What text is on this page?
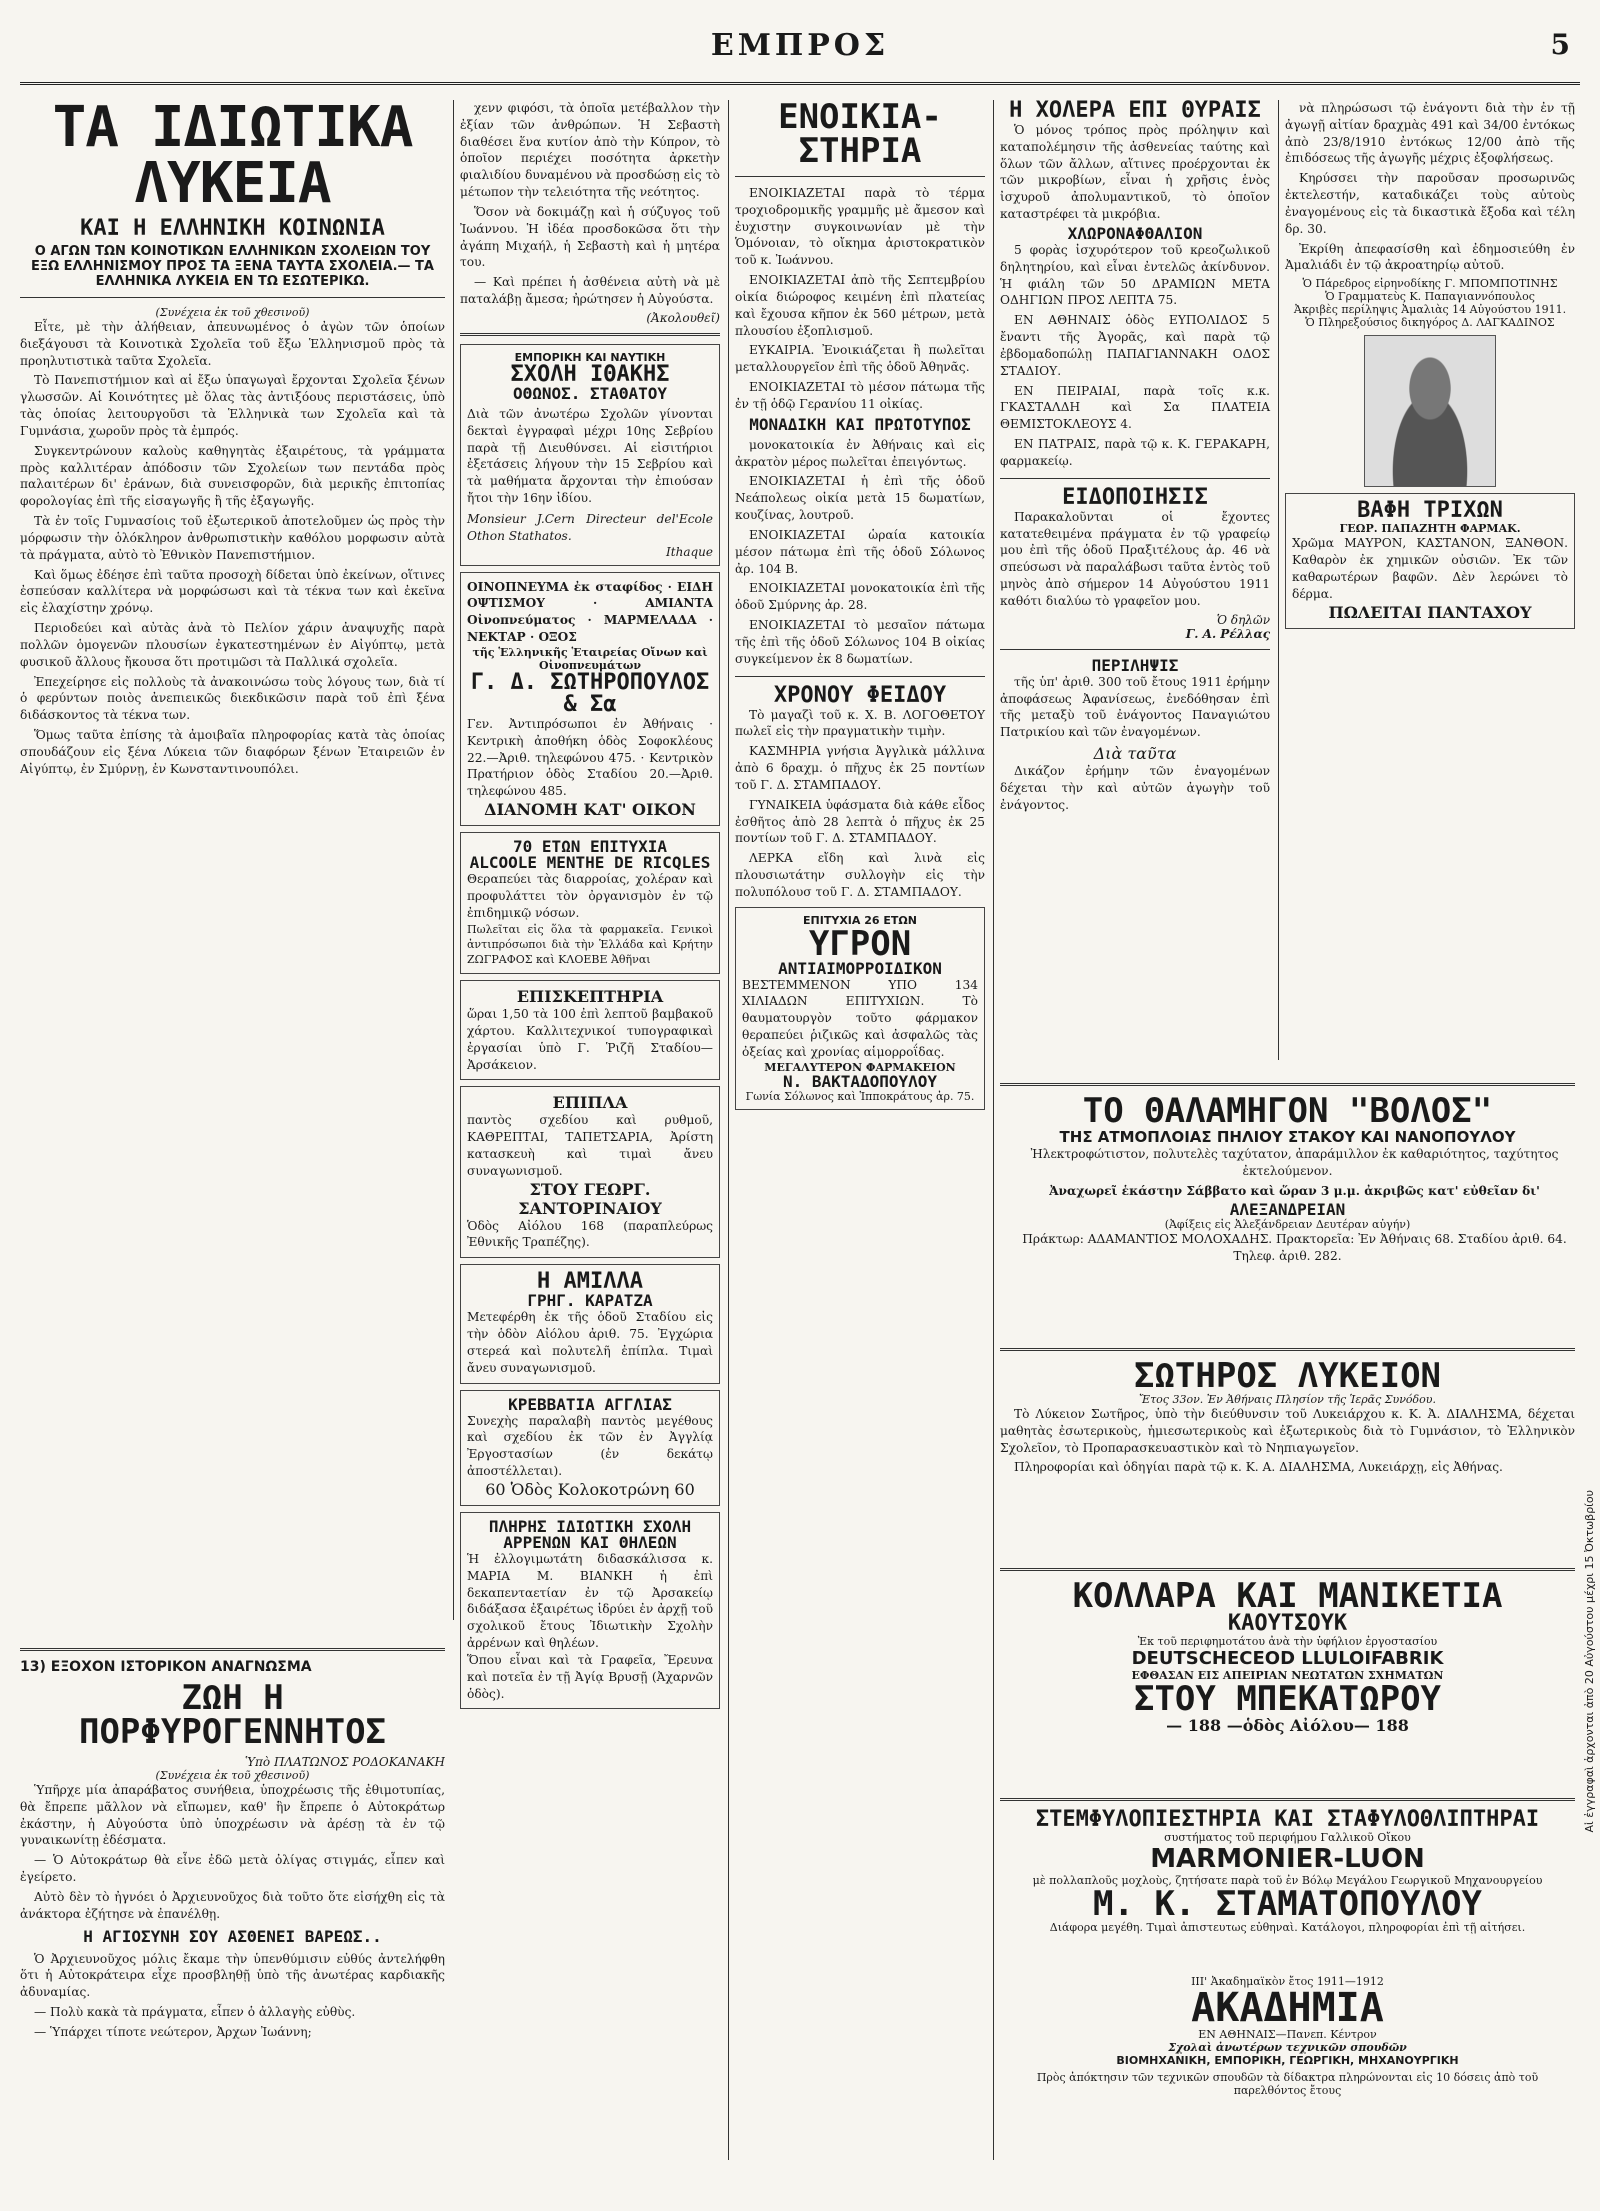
ΕΜΠΡΟΣ	5
ΤΑ ΙΔΙΩΤΙΚΑ ΛΥΚΕΙΑ
ΚΑΙ Η ΕΛΛΗΝΙΚΗ ΚΟΙΝΩΝΙΑ
Ο ΑΓΩΝ ΤΩΝ ΚΟΙΝΟΤΙΚΩΝ ΕΛΛΗΝΙΚΩΝ ΣΧΟΛΕΙΩΝ ΤΟΥ ΕΞΩ ΕΛΛΗΝΙΣΜΟΥ ΠΡΟΣ ΤΑ ΞΕΝΑ ΤΑΥΤΑ ΣΧΟΛΕΙΑ.— ΤΑ ΕΛΛΗΝΙΚΑ ΛΥΚΕΙΑ ΕΝ ΤΩ ΕΣΩΤΕΡΙΚΩ.
(Συνέχεια ἐκ τοῦ χθεσινοῦ)

Εἶτε, μὲ τὴν ἀλήθειαν, ἀπευνωμένος ὁ ἀγὼν τῶν ὁποίων διεξάγουσι τὰ Κοινοτικὰ Σχολεῖα τοῦ ἔξω Ἑλληνισμοῦ πρὸς τὰ προηλυτιστικὰ ταῦτα Σχολεῖα.

Τὸ Πανεπιστήμιον καὶ αἱ ἔξω ὑπαγωγαὶ ἔρχονται Σχολεῖα ξένων γλωσσῶν. Αἱ Κοινότητες μὲ ὅλας τὰς ἀντιξόους περιστάσεις, ὑπὸ τὰς ὁποίας λειτουργοῦσι τὰ Ἑλληνικὰ των Σχολεῖα καὶ τὰ Γυμνάσια, χωροῦν πρὸς τὰ ἐμπρός.

Συγκεντρώνουν καλοὺς καθηγητὰς ἐξαιρέτους, τὰ γράμματα πρὸς καλλιτέραν ἀπόδοσιν τῶν Σχολείων των πεντάδα πρὸς παλαιτέρων δι' ἐράνων, διὰ συνεισφορῶν, διὰ μερικῆς ἐπιτοπίας φορολογίας ἐπὶ τῆς εἰσαγωγῆς ἢ τῆς ἐξαγωγῆς.

Τὰ ἐν τοῖς Γυμνασίοις τοῦ ἐξωτερικοῦ ἀποτελοῦμεν ὡς πρὸς τὴν μόρφωσιν τὴν ὁλόκληρον ἀνθρωπιστικὴν καθόλου μορφωσιν αὐτὰ τὰ πράγματα, αὐτὸ τὸ Ἐθνικὸν Πανεπιστήμιον.

Καὶ ὅμως ἐδέησε ἐπὶ ταῦτα προσοχὴ δίδεται ὑπὸ ἐκείνων, οἵτινες ἐσπεύσαν καλλίτερα νὰ μορφώσωσι καὶ τὰ τέκνα των καὶ ἐκεῖνα εἰς ἐλαχίστην χρόνῳ.

Περιοδεύει καὶ αὐτὰς ἀνὰ τὸ Πελίον χάριν ἀναψυχῆς παρὰ πολλῶν ὁμογενῶν πλουσίων ἐγκατεστημένων ἐν Αἰγύπτῳ, μετὰ φυσικοῦ ἄλλους ἤκουσα ὅτι προτιμῶσι τὰ Παλλικά σχολεῖα.

Ἐπεχείρησε εἰς πολλοὺς τὰ ἀνακοινώσω τοὺς λόγους των, διὰ τί ὁ φερύντων ποιὸς ἀνεπιεικῶς διεκδικῶσιν παρὰ τοῦ ἐπὶ ξένα διδάσκοντος τὰ τέκνα των.

Ὅμως ταῦτα ἐπίσης τὰ ἀμοιβαῖα πληροφορίας κατὰ τὰς ὁποίας σπουδάζουν εἰς ξένα Λύκεια τῶν διαφόρων ξένων Ἐταιρειῶν ἐν Αἰγύπτῳ, ἐν Σμύρνῃ, ἐν Κωνσταντινουπόλει.

13) ΕΞΟΧΟΝ ΙΣΤΟΡΙΚΟΝ ΑΝΑΓΝΩΣΜΑ
ΖΩΗ Η ΠΟΡΦΥΡΟΓΕΝΝΗΤΟΣ
Ὑπὸ ΠΛΑΤΩΝΟΣ ΡΟΔΟΚΑΝΑΚΗ
(Συνέχεια ἐκ τοῦ χθεσινοῦ)

Ὑπῆρχε μία ἀπαράβατος συνήθεια, ὑποχρέωσις τῆς ἐθιμοτυπίας, θὰ ἔπρεπε μᾶλλον νὰ εἴπωμεν, καθ' ἣν ἔπρεπε ὁ Αὐτοκράτωρ ἐκάστην, ἡ Αὐγούστα ὑπὸ ὑποχρέωσιν νὰ ἀρέσῃ τὰ ἐν τῷ γυναικωνίτῃ ἐδέσματα.

— Ὁ Αὐτοκράτωρ θὰ εἶνε ἐδῶ μετὰ ὀλίγας στιγμάς, εἶπεν καὶ ἐγείρετο.

Αὐτὸ δὲν τὸ ἠγνόει ὁ Ἀρχιευνοῦχος διὰ τοῦτο ὅτε εἰσήχθη εἰς τὰ ἀνάκτορα ἐζήτησε νὰ ἐπανέλθῃ.

Η ΑΓΙΟΣΥΝΗ ΣΟΥ ΑΣΘΕΝΕΙ ΒΑΡΕΩΣ..

Ὁ Ἀρχιευνοῦχος μόλις ἔκαμε τὴν ὑπενθύμισιν εὐθύς ἀντελήφθη ὅτι ἡ Αὐτοκράτειρα εἶχε προσβληθῇ ὑπὸ τῆς ἀνωτέρας καρδιακῆς ἀδυναμίας.

— Πολὺ κακὰ τὰ πράγματα, εἶπεν ὁ ἀλλαγὴς εὐθὺς.

— Ὑπάρχει τίποτε νεώτερον, Ἀρχων Ἰωάννη;

χενν φιφόσι, τὰ ὁποῖα μετέβαλλον τὴν ἐξίαν τῶν ἀνθρώπων. Ἡ Σεβαστὴ διαθέσει ἕνα κυτίον ἀπὸ τὴν Κύπρον, τὸ ὁποῖον περιέχει ποσότητα ἀρκετὴν φιαλιδίου δυναμένου νὰ προσδώσῃ εἰς τὸ μέτωπον τὴν τελειότητα τῆς νεότητος.

Ὅσον νὰ δοκιμάζῃ καὶ ἡ σύζυγος τοῦ Ἰωάννου. Ἡ ἰδέα προσδοκῶσα ὅτι τὴν ἀγάπη Μιχαήλ, ἡ Σεβαστὴ καὶ ἡ μητέρα του.

— Καὶ πρέπει ἡ ἀσθένεια αὐτὴ νὰ μὲ παταλάβῃ ἄμεσα; ἠρώτησεν ἡ Αὐγούστα.

(Ἀκολουθεῖ)
ΕΜΠΟΡΙΚΗ ΚΑΙ ΝΑΥΤΙΚΗ
ΣΧΟΛΗ ΙΘΑΚΗΣ
ΟΘΩΝΟΣ. ΣΤΑΘΑΤΟΥ
Διὰ τῶν ἀνωτέρω Σχολῶν γίνονται δεκταὶ ἐγγραφαὶ μέχρι 10ης Σεβρίου παρὰ τῇ Διευθύνσει. Αἱ εἰσιτήριοι ἐξετάσεις λήγουν τὴν 15 Σεβρίου καὶ τὰ μαθήματα ἄρχονται τὴν ἐπιούσαν ἤτοι τὴν 16ην ἰδίου.
Monsieur J.Cern Directeur del'Ecole Othon Stathatos.
Ithaque
ΟΙΝΟΠΝΕΥΜΑ ἐκ σταφίδος · ΕΙΔΗ ΟΨΤΙΣΜΟΥ · ΑΜΙΑΝΤΑ Οἰνοπνεύματος · ΜΑΡΜΕΛΑΔΑ · ΝΕΚΤΑΡ · ΟΞΟΣ
τῆς Ἑλληνικῆς Ἑταιρείας Οἴνων καὶ Οἰνοπνευμάτων
Γ. Δ. ΣΩΤΗΡΟΠΟΥΛΟΣ & Σα
Γεν. Ἀντιπρόσωποι ἐν Ἀθήναις · Κεντρικὴ ἀποθήκη ὁδὸς Σοφοκλέους 22.—Ἀριθ. τηλεφώνου 475. · Κεντρικὸν Πρατήριον ὁδὸς Σταδίου 20.—Ἀριθ. τηλεφώνου 485.
ΔΙΑΝΟΜΗ ΚΑΤ' ΟΙΚΟΝ
70 ΕΤΩΝ ΕΠΙΤΥΧΙΑ
ALCOOLE MENTHE DE RICQLES
Θεραπεύει τὰς διαρροίας, χολέραν καὶ προφυλάττει τὸν ὀργανισμὸν ἐν τῷ ἐπιδημικῷ νόσων.
Πωλεῖται εἰς ὅλα τὰ φαρμακεῖα. Γενικοὶ ἀντιπρόσωποι διὰ τὴν Ἑλλάδα καὶ Κρήτην ΖΩΓΡΑΦΟΣ καὶ ΚΛΟΕΒΕ Ἀθῆναι
ΕΠΙΣΚΕΠΤΗΡΙΑ
ὥραι 1,50 τὰ 100 ἐπὶ λεπτοῦ βαμβακοῦ χάρτου. Καλλιτεχνικοί τυπογραφικαὶ ἐργασίαι ὑπὸ Γ. Ῥιζῆ Σταδίου—Ἀρσάκειον.
ΕΠΙΠΛΑ
παντὸς σχεδίου καὶ ρυθμοῦ, ΚΑΘΡΕΠΤΑΙ, ΤΑΠΕΤΣΑΡΙΑ, Ἀρίστη κατασκευὴ καὶ τιμαὶ ἄνευ συναγωνισμοῦ.
ΣΤΟΥ ΓΕΩΡΓ. ΣΑΝΤΟΡΙΝΑΙΟΥ
Ὁδὸς Αἰόλου 168 (παραπλεύρως Ἐθνικῆς Τραπέζης).
Η ΑΜΙΛΛΑ
ΓΡΗΓ. ΚΑΡΑΤΖΑ
Μετεφέρθη ἐκ τῆς ὁδοῦ Σταδίου εἰς τὴν ὁδὸν Αἰόλου ἀριθ. 75. Ἐγχώρια στερεά καὶ πολυτελῆ ἐπίπλα. Τιμαὶ ἄνευ συναγωνισμοῦ.
ΚΡΕΒΒΑΤΙΑ ΑΓΓΛΙΑΣ
Συνεχὴς παραλαβὴ παντὸς μεγέθους καὶ σχεδίου ἐκ τῶν ἐν Ἀγγλίᾳ Ἐργοστασίων (ἐν δεκάτῳ ἀποστέλλεται).
60 Ὁδὸς Κολοκοτρώνη 60
ΠΛΗΡΗΣ ΙΔΙΩΤΙΚΗ ΣΧΟΛΗ
ΑΡΡΕΝΩΝ ΚΑΙ ΘΗΛΕΩΝ
Ἡ ἐλλογιμωτάτη διδασκάλισσα κ. ΜΑΡΙΑ Μ. ΒΙΑΝΚΗ ἡ ἐπὶ δεκαπενταετίαν ἐν τῷ Ἀρσακείῳ διδάξασα ἐξαιρέτως ἱδρύει ἐν ἀρχῇ τοῦ σχολικοῦ ἔτους Ἰδιωτικὴν Σχολὴν ἀρρένων καὶ θηλέων.
Ὅπου εἶναι καὶ τὰ Γραφεῖα, Ἔρευνα καὶ ποτεῖα ἐν τῇ Ἀγίᾳ Βρυσῇ (Ἀχαρνῶν ὁδὸς).
ΕΝΟΙΚΙΑ-
ΣΤΗΡΙΑ

ΕΝΟΙΚΙΑΖΕΤΑΙ παρὰ τὸ τέρμα τροχιοδρομικῆς γραμμῆς μὲ ἄμεσον καὶ ἐυχιστην συγκοινωνίαν μὲ τὴν Ὁμόνοιαν, τὸ οἴκημα ἀριστοκρατικὸν τοῦ κ. Ἰωάννου.

ΕΝΟΙΚΙΑΖΕΤΑΙ ἀπὸ τῆς Σεπτεμβρίου οἰκία διώροφος κειμένη ἐπὶ πλατείας καὶ ἔχουσα κῆπον ἐκ 560 μέτρων, μετὰ πλουσίου ἐξοπλισμοῦ.

ΕΥΚΑΙΡΙΑ. Ἐνοικιάζεται ἢ πωλεῖται μεταλλουργεῖον ἐπὶ τῆς ὁδοῦ Ἀθηνᾶς.

ΕΝΟΙΚΙΑΖΕΤΑΙ τὸ μέσον πάτωμα τῆς ἐν τῇ ὁδῷ Γερανίου 11 οἰκίας.

ΜΟΝΑΔΙΚΗ ΚΑΙ ΠΡΩΤΟΤΥΠΟΣ

μονοκατοικία ἐν Ἀθήναις καὶ εἰς ἀκρατὸν μέρος πωλεῖται ἐπειγόντως.

ΕΝΟΙΚΙΑΖΕΤΑΙ ἡ ἐπὶ τῆς ὁδοῦ Νεάπολεως οἰκία μετὰ 15 δωματίων, κουζίνας, λουτροῦ.

ΕΝΟΙΚΙΑΖΕΤΑΙ ὡραία κατοικία μέσον πάτωμα ἐπὶ τῆς ὁδοῦ Σόλωνος ἀρ. 104 Β.

ΕΝΟΙΚΙΑΖΕΤΑΙ μονοκατοικία ἐπὶ τῆς ὁδοῦ Σμύρνης ἀρ. 28.

ΕΝΟΙΚΙΑΖΕΤΑΙ τὸ μεσαῖον πάτωμα τῆς ἐπὶ τῆς ὁδοῦ Σόλωνος 104 Β οἰκίας συγκείμενον ἐκ 8 δωματίων.

ΧΡΟΝΟΥ ΦΕΙΔΟΥ

Τὸ μαγαζὶ τοῦ κ. Χ. Β. ΛΟΓΟΘΕΤΟΥ πωλεῖ εἰς τὴν πραγματικὴν τιμὴν.

ΚΑΣΜΗΡΙΑ γνήσια Ἀγγλικὰ μάλλινα ἀπὸ 6 δραχμ. ὁ πῆχυς ἐκ 25 ποντίων τοῦ Γ. Δ. ΣΤΑΜΠΑΔΟΥ.

ΓΥΝΑΙΚΕΙΑ ὑφάσματα διὰ κάθε εἶδος ἐσθῆτος ἀπὸ 28 λεπτὰ ὁ πῆχυς ἐκ 25 ποντίων τοῦ Γ. Δ. ΣΤΑΜΠΑΔΟΥ.

ΛΕΡΚΑ εἴδη καὶ λινὰ εἰς πλουσιωτάτην συλλογὴν εἰς τὴν πολυπόλουσ τοῦ Γ. Δ. ΣΤΑΜΠΑΔΟΥ.

ΕΠΙΤΥΧΙΑ 26 ΕΤΩΝ
ΥΓΡΟΝ
ΑΝΤΙΑΙΜΟΡΡΟΙΔΙΚΟΝ
ΒΕΣΤΕΜΜΕΝΟΝ ΥΠΟ 134 ΧΙΛΙΑΔΩΝ ΕΠΙΤΥΧΙΩΝ. Τὸ θαυματουργὸν τοῦτο φάρμακον θεραπεύει ῥιζικῶς καὶ ἀσφαλῶς τὰς ὀξείας καὶ χρονίας αἱμορροΐδας.
ΜΕΓΑΛΥΤΕΡΟΝ ΦΑΡΜΑΚΕΙΟΝ
Ν. ΒΑΚΤΑΔΟΠΟΥΛΟΥ
Γωνία Σόλωνος καὶ Ἱπποκράτους ἀρ. 75.
Η ΧΟΛΕΡΑ ΕΠΙ ΘΥΡΑΙΣ

Ὁ μόνος τρόπος πρὸς πρόληψιν καὶ καταπολέμησιν τῆς ἀσθενείας ταύτης καὶ ὅλων τῶν ἄλλων, αἵτινες προέρχονται ἐκ τῶν μικροβίων, εἶναι ἡ χρῆσις ἑνὸς ἰσχυροῦ ἀπολυμαντικοῦ, τὸ ὁποῖον καταστρέφει τὰ μικρόβια.

ΧΛΩΡΟΝΑΦΘΑΛΙΟΝ

5 φορὰς ἰσχυρότερον τοῦ κρεοζωλικοῦ δηλητηρίου, καὶ εἶναι ἐντελῶς ἀκίνδυνον. Ἡ φιάλη τῶν 50 ΔΡΑΜΙΩΝ ΜΕΤΑ ΟΔΗΓΙΩΝ ΠΡΟΣ ΛΕΠΤΑ 75.

ΕΝ ΑΘΗΝΑΙΣ ὁδὸς ΕΥΠΟΛΙΔΟΣ 5 ἔναντι τῆς Ἀγορᾶς, καὶ παρὰ τῷ ἐβδομαδοπώλῃ ΠΑΠΑΓΙΑΝΝΑΚΗ ΟΔΟΣ ΣΤΑΔΙΟΥ.

ΕΝ ΠΕΙΡΑΙΑΙ, παρὰ τοῖς κ.κ. ΓΚΑΣΤΑΛΔΗ καὶ Σα ΠΛΑΤΕΙΑ ΘΕΜΙΣΤΟΚΛΕΟΥΣ 4.

ΕΝ ΠΑΤΡΑΙΣ, παρὰ τῷ κ. Κ. ΓΕΡΑΚΑΡΗ, φαρμακείῳ.

ΕΙΔΟΠΟΙΗΣΙΣ

Παρακαλοῦνται οἱ ἔχοντες κατατεθειμένα πράγματα ἐν τῷ γραφείῳ μου ἐπὶ τῆς ὁδοῦ Πραξιτέλους ἀρ. 46 νὰ σπεύσωσι νὰ παραλάβωσι ταῦτα ἐντὸς τοῦ μηνὸς ἀπὸ σήμερον 14 Αὐγούστου 1911 καθότι διαλύω τὸ γραφεῖον μου.

Ὁ δηλῶν
Γ. Α. Ρέλλας
ΠΕΡΙΛΗΨΙΣ

τῆς ὑπ' ἀριθ. 300 τοῦ ἔτους 1911 ἐρήμην ἀποφάσεως Ἀφανίσεως, ἐνεδόθησαν ἐπὶ τῆς μεταξὺ τοῦ ἐνάγοντος Παναγιώτου Πατρικίου καὶ τῶν ἐναγομένων.

Διὰ ταῦτα

Δικάζον ἐρήμην τῶν ἐναγομένων δέχεται τὴν καὶ αὐτῶν ἀγωγὴν τοῦ ἐνάγοντος.

νὰ πληρώσωσι τῷ ἐνάγοντι διὰ τὴν ἐν τῇ ἀγωγῇ αἰτίαν δραχμὰς 491 καὶ 34/00 ἐντόκως ἀπὸ 23/8/1910 ἐντόκως 12/00 ἀπὸ τῆς ἐπιδόσεως τῆς ἀγωγῆς μέχρις ἐξοφλήσεως.

Κηρύσσει τὴν παροῦσαν προσωρινῶς ἐκτελεστήν, καταδικάζει τοὺς αὐτοὺς ἐναγομένους εἰς τὰ δικαστικὰ ἔξοδα καὶ τέλη δρ. 30.

Ἐκρίθη ἀπεφασίσθη καὶ ἐδημοσιεύθη ἐν Ἀμαλιάδι ἐν τῷ ἀκροατηρίῳ αὐτοῦ.

Ὁ Πάρεδρος εἰρηνοδίκης Γ. ΜΠΟΜΠΟΤΙΝΗΣ
Ὁ Γραμματεὺς Κ. Παπαγιαννόπουλος
Ἀκριβὲς περίληψις Ἀμαλιὰς 14 Αὐγούστου 1911.
Ὁ Πληρεξούσιος δικηγόρος Δ. ΛΑΓΚΑΔΙΝΟΣ
ΒΑΦΗ ΤΡΙΧΩΝ
ΓΕΩΡ. ΠΑΠΑΖΗΤΗ ΦΑΡΜΑΚ.
Χρῶμα ΜΑΥΡΟΝ, ΚΑΣΤΑΝΟΝ, ΞΑΝΘΟΝ. Καθαρὸν ἐκ χημικῶν οὐσιῶν. Ἐκ τῶν καθαρωτέρων βαφῶν. Δὲν λερώνει τὸ δέρμα.
ΠΩΛΕΙΤΑΙ ΠΑΝΤΑΧΟΥ
ΤΟ ΘΑΛΑΜΗΓΟΝ "ΒΟΛΟΣ"
ΤΗΣ ΑΤΜΟΠΛΟΙΑΣ ΠΗΛΙΟΥ ΣΤΑΚΟΥ ΚΑΙ ΝΑΝΟΠΟΥΛΟΥ

Ἠλεκτροφώτιστον, πολυτελὲς ταχύτατον, ἀπαράμιλλον ἐκ καθαριότητος, ταχύτητος ἐκτελούμενον.

Ἀναχωρεῖ ἑκάστην Σάββατο καὶ ὥραν 3 μ.μ. ἀκριβῶς κατ' εὐθεῖαν δι'

ΑΛΕΞΑΝΔΡΕΙΑΝ
(Ἀφίξεις εἰς Ἀλεξάνδρειαν Δευτέραν αὐγήν)

Πράκτωρ: ΑΔΑΜΑΝΤΙΟΣ ΜΟΛΟΧΑΔΗΣ. Πρακτορεῖα: Ἐν Ἀθήναις 68. Σταδίου ἀριθ. 64. Τηλεφ. ἀριθ. 282.

ΣΩΤΗΡΟΣ ΛΥΚΕΙΟΝ
Ἔτος 33ον. Ἐν Ἀθήναις Πλησίον τῆς Ἱερᾶς Συνόδου.

Τὸ Λύκειον Σωτῆρος, ὑπὸ τὴν διεύθυνσιν τοῦ Λυκειάρχου κ. Κ. Ἀ. ΔΙΑΛΗΣΜΑ, δέχεται μαθητὰς ἐσωτερικοὺς, ἡμιεσωτερικοὺς καὶ ἐξωτερικοὺς διὰ τὸ Γυμνάσιον, τὸ Ἑλληνικὸν Σχολεῖον, τὸ Προπαρασκευαστικὸν καὶ τὸ Νηπιαγωγεῖον.

Πληροφορίαι καὶ ὁδηγίαι παρὰ τῷ κ. Κ. Α. ΔΙΑΛΗΣΜΑ, Λυκειάρχῃ, εἰς Ἀθήνας.

ΚΟΛΛΑΡΑ ΚΑΙ ΜΑΝΙΚΕΤΙΑ
ΚΑΟΥΤΣΟΥΚ
Ἐκ τοῦ περιφημοτάτου ἀνὰ τὴν ὑφήλιον ἐργοστασίου
DEUTSCHECEOD LLULOIFABRIK
ΕΦΘΑΣΑΝ ΕΙΣ ΑΠΕΙΡΙΑΝ ΝΕΩΤΑΤΩΝ ΣΧΗΜΑΤΩΝ
ΣΤΟΥ ΜΠΕΚΑΤΩΡΟΥ
— 188 —ὁδὸς Αἰόλου— 188
ΣΤΕΜΦΥΛΟΠΙΕΣΤΗΡΙΑ ΚΑΙ ΣΤΑΦΥΛΟΘΛΙΠΤΗΡΑΙ
συστήματος τοῦ περιφήμου Γαλλικοῦ Οἴκου
MARMONIER-LUON
μὲ πολλαπλοῦς μοχλοὺς, ζητήσατε παρὰ τοῦ ἐν Βόλῳ Μεγάλου Γεωργικοῦ Μηχανουργείου
Μ. Κ. ΣΤΑΜΑΤΟΠΟΥΛΟΥ
Διάφορα μεγέθη. Τιμαὶ ἀπιστευτως εὐθηναὶ. Κατάλογοι, πληροφορίαι ἐπὶ τῇ αἰτήσει.
ΙΙΙ' Ἀκαδημαϊκὸν ἔτος 1911—1912
ΑΚΑΔΗΜΙΑ
ΕΝ ΑΘΗΝΑΙΣ—Πανεπ. Κέντρον
Σχολαὶ ἀνωτέρων τεχνικῶν σπουδῶν
ΒΙΟΜΗΧΑΝΙΚΗ, ΕΜΠΟΡΙΚΗ, ΓΕΩΡΓΙΚΗ, ΜΗΧΑΝΟΥΡΓΙΚΗ
Πρὸς ἀπόκτησιν τῶν τεχνικῶν σπουδῶν τὰ δίδακτρα πληρώνονται εἰς 10 δόσεις ἀπὸ τοῦ παρελθόντος ἔτους
Αἱ ἐγγραφαὶ ἀρχονται ἀπὸ 20 Αὐγούστου μέχρι 15 Ὀκτωβρίου
